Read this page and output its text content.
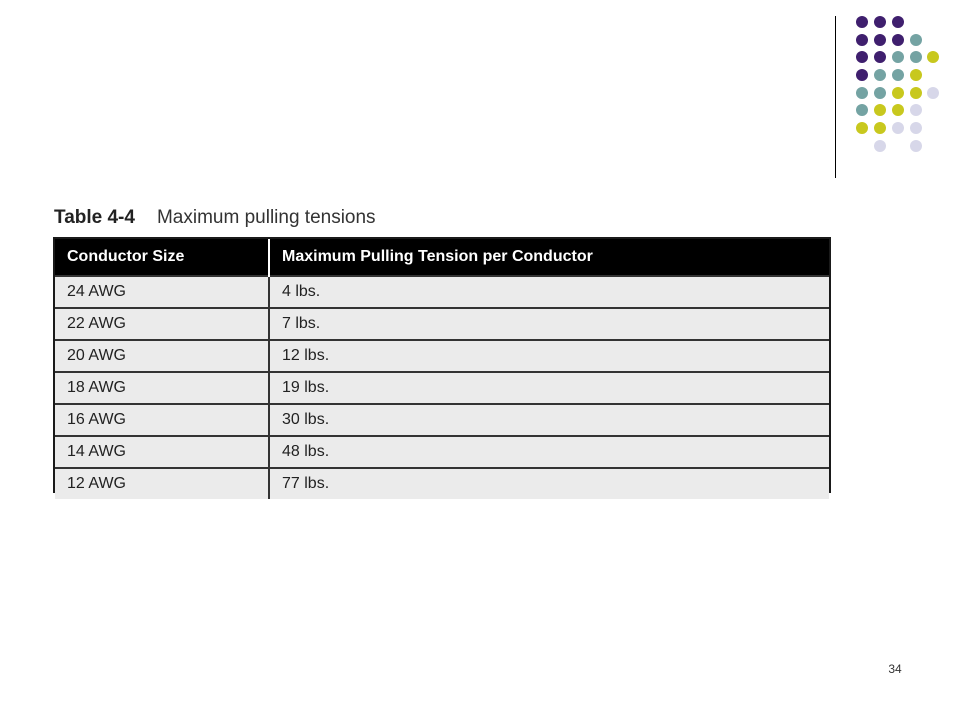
Table 4-4 Maximum pulling tensions
Conductor Size	Maximum Pulling Tension per Conductor
24 AWG	4 lbs.
22 AWG	7 lbs.
20 AWG	12 lbs.
18 AWG	19 lbs.
16 AWG	30 lbs.
14 AWG	48 lbs.
12 AWG	77 lbs.
34
